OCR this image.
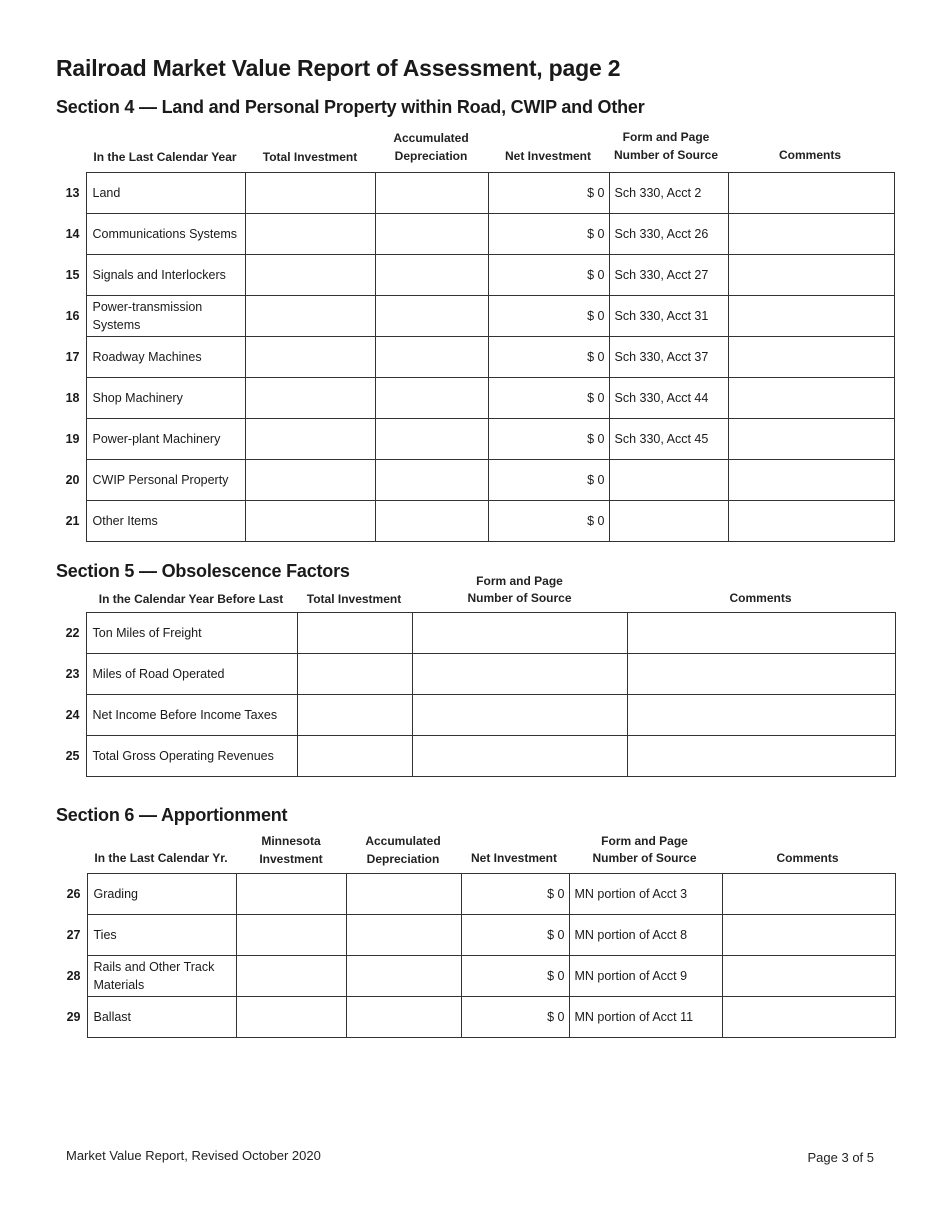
Railroad Market Value Report of Assessment, page 2
Section 4 — Land and Personal Property within Road, CWIP and Other
In the Last Calendar Year	Total Investment
Accumulated
Depreciation	Net Investment
Form and Page
Number of Source	Comments
13	Land			$ 0	Sch 330, Acct 2	
14	Communications Systems			$ 0	Sch 330, Acct 26	
15	Signals and Interlockers			$ 0	Sch 330, Acct 27	
16	Power-transmission Systems			$ 0	Sch 330, Acct 31	
17	Roadway Machines			$ 0	Sch 330, Acct 37	
18	Shop Machinery			$ 0	Sch 330, Acct 44	
19	Power-plant Machinery			$ 0	Sch 330, Acct 45	
20	CWIP Personal Property			$ 0		
21	Other Items			$ 0		
Section 5 — Obsolescence Factors
In the Calendar Year Before Last	Total Investment
Form and Page
Number of Source	Comments
22	Ton Miles of Freight			
23	Miles of Road Operated			
24	Net Income Before Income Taxes			
25	Total Gross Operating Revenues			
Section 6 — Apportionment
In the Last Calendar Yr.
Minnesota
Investment
Accumulated
Depreciation	Net Investment
Form and Page
Number of Source	Comments
26	Grading			$ 0	MN portion of Acct 3	
27	Ties			$ 0	MN portion of Acct 8	
28	Rails and Other Track Materials			$ 0	MN portion of Acct 9	
29	Ballast			$ 0	MN portion of Acct 11	
Market Value Report, Revised October 2020	Page 3 of 5
